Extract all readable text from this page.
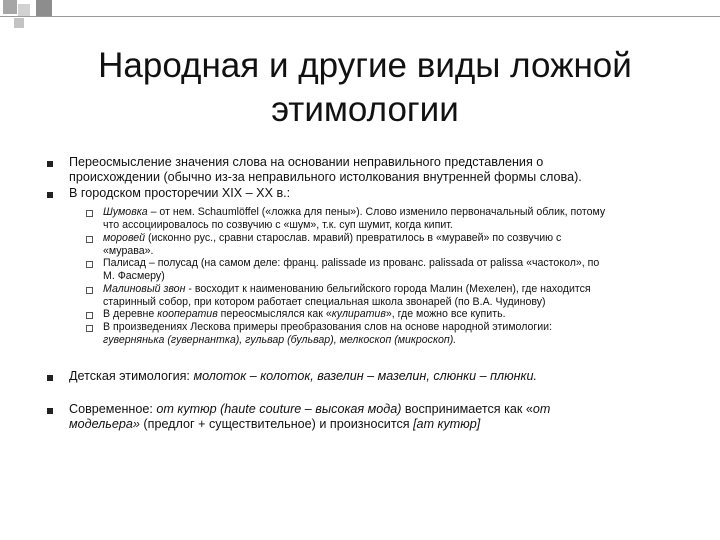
Народная и другие виды ложной этимологии
Переосмысление значения слова на основании неправильного представления о
происхождении (обычно из-за неправильного истолкования внутренней формы слова).
В городском просторечии XIX – XX в.:
Шумовка – от нем. Schaumlöffel («ложка для пены»). Слово изменило первоначальный облик, потому
что ассоциировалось по созвучию с «шум», т.к. суп шумит, когда кипит.
моровей (исконно рус., сравни старослав. мравий) превратилось в «муравей» по созвучию с
«мурава».
Палисад – полусад (на самом деле: франц. palissade из прованс. palissada от palissa «частокол», по
М. Фасмеру)
Малиновый звон - восходит к наименованию бельгийского города Малин (Мехелен), где находится
старинный собор, при котором работает специальная школа звонарей (по В.А. Чудинову)
В деревне кооператив переосмыслялся как «кулиратив», где можно все купить.
В произведениях Лескова примеры преобразования слов на основе народной этимологии:
гувернянька (гувернантка), гульвар (бульвар), мелкоскоп (микроскоп).
Детская этимология: молоток – колоток, вазелин – мазелин, слюнки – плюнки.
Современное: от кутюр (haute couture – высокая мода) воспринимается как «от
модельера» (предлог + существительное) и произносится [am кутюр]
